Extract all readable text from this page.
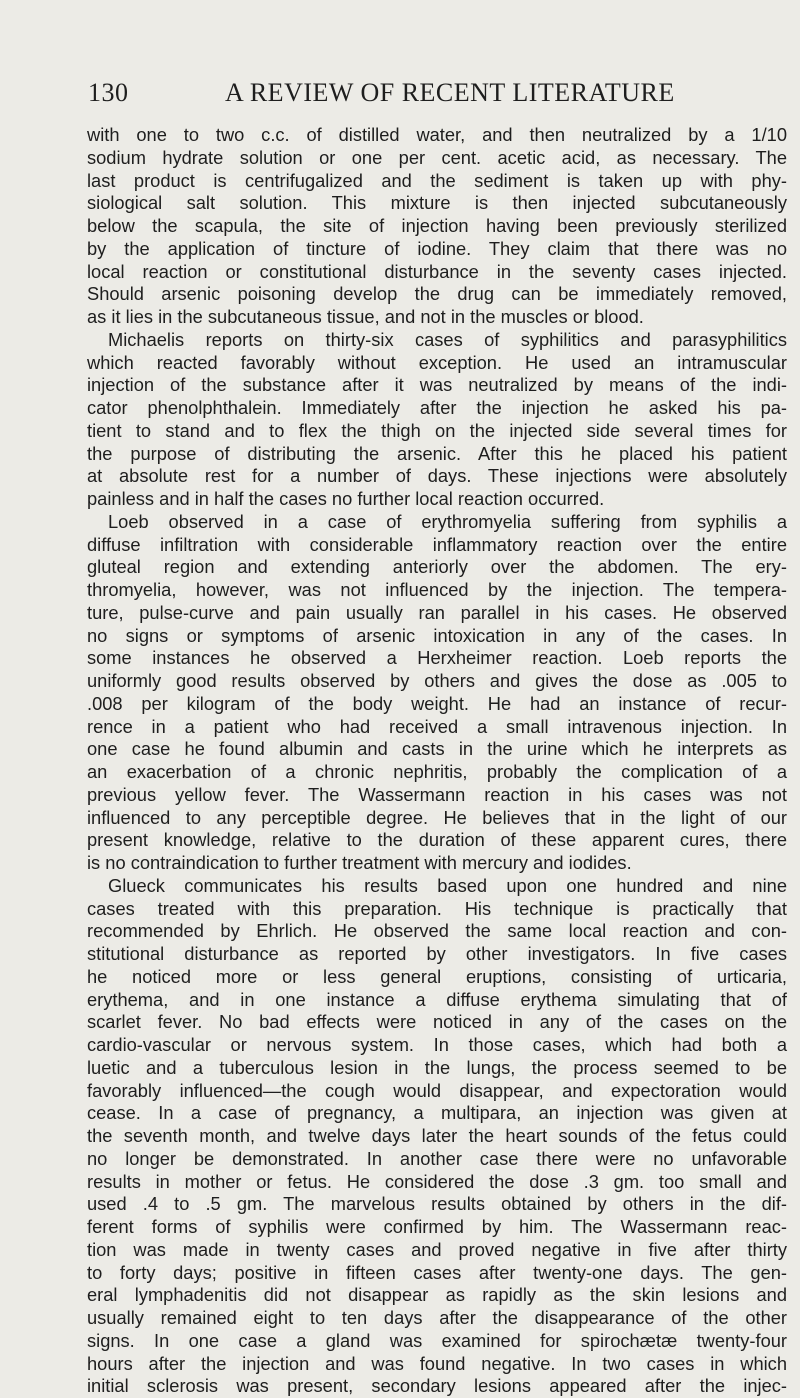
130	A REVIEW OF RECENT LITERATURE
with one to two c.c. of distilled water, and then neutralized by a 1/10
sodium hydrate solution or one per cent. acetic acid, as necessary. The
last product is centrifugalized and the sediment is taken up with phy-
siological salt solution. This mixture is then injected subcutaneously
below the scapula, the site of injection having been previously sterilized
by the application of tincture of iodine. They claim that there was no
local reaction or constitutional disturbance in the seventy cases injected.
Should arsenic poisoning develop the drug can be immediately removed,
as it lies in the subcutaneous tissue, and not in the muscles or blood.
Michaelis reports on thirty-six cases of syphilitics and parasyphilitics
which reacted favorably without exception. He used an intramuscular
injection of the substance after it was neutralized by means of the indi-
cator phenolphthalein. Immediately after the injection he asked his pa-
tient to stand and to flex the thigh on the injected side several times for
the purpose of distributing the arsenic. After this he placed his patient
at absolute rest for a number of days. These injections were absolutely
painless and in half the cases no further local reaction occurred.
Loeb observed in a case of erythromyelia suffering from syphilis a
diffuse infiltration with considerable inflammatory reaction over the entire
gluteal region and extending anteriorly over the abdomen. The ery-
thromyelia, however, was not influenced by the injection. The tempera-
ture, pulse-curve and pain usually ran parallel in his cases. He observed
no signs or symptoms of arsenic intoxication in any of the cases. In
some instances he observed a Herxheimer reaction. Loeb reports the
uniformly good results observed by others and gives the dose as .005 to
.008 per kilogram of the body weight. He had an instance of recur-
rence in a patient who had received a small intravenous injection. In
one case he found albumin and casts in the urine which he interprets as
an exacerbation of a chronic nephritis, probably the complication of a
previous yellow fever. The Wassermann reaction in his cases was not
influenced to any perceptible degree. He believes that in the light of our
present knowledge, relative to the duration of these apparent cures, there
is no contraindication to further treatment with mercury and iodides.
Glueck communicates his results based upon one hundred and nine
cases treated with this preparation. His technique is practically that
recommended by Ehrlich. He observed the same local reaction and con-
stitutional disturbance as reported by other investigators. In five cases
he noticed more or less general eruptions, consisting of urticaria,
erythema, and in one instance a diffuse erythema simulating that of
scarlet fever. No bad effects were noticed in any of the cases on the
cardio-vascular or nervous system. In those cases, which had both a
luetic and a tuberculous lesion in the lungs, the process seemed to be
favorably influenced—the cough would disappear, and expectoration would
cease. In a case of pregnancy, a multipara, an injection was given at
the seventh month, and twelve days later the heart sounds of the fetus could
no longer be demonstrated. In another case there were no unfavorable
results in mother or fetus. He considered the dose .3 gm. too small and
used .4 to .5 gm. The marvelous results obtained by others in the dif-
ferent forms of syphilis were confirmed by him. The Wassermann reac-
tion was made in twenty cases and proved negative in five after thirty
to forty days; positive in fifteen cases after twenty-one days. The gen-
eral lymphadenitis did not disappear as rapidly as the skin lesions and
usually remained eight to ten days after the disappearance of the other
signs. In one case a gland was examined for spirochætæ twenty-four
hours after the injection and was found negative. In two cases in which
initial sclerosis was present, secondary lesions appeared after the injec-
